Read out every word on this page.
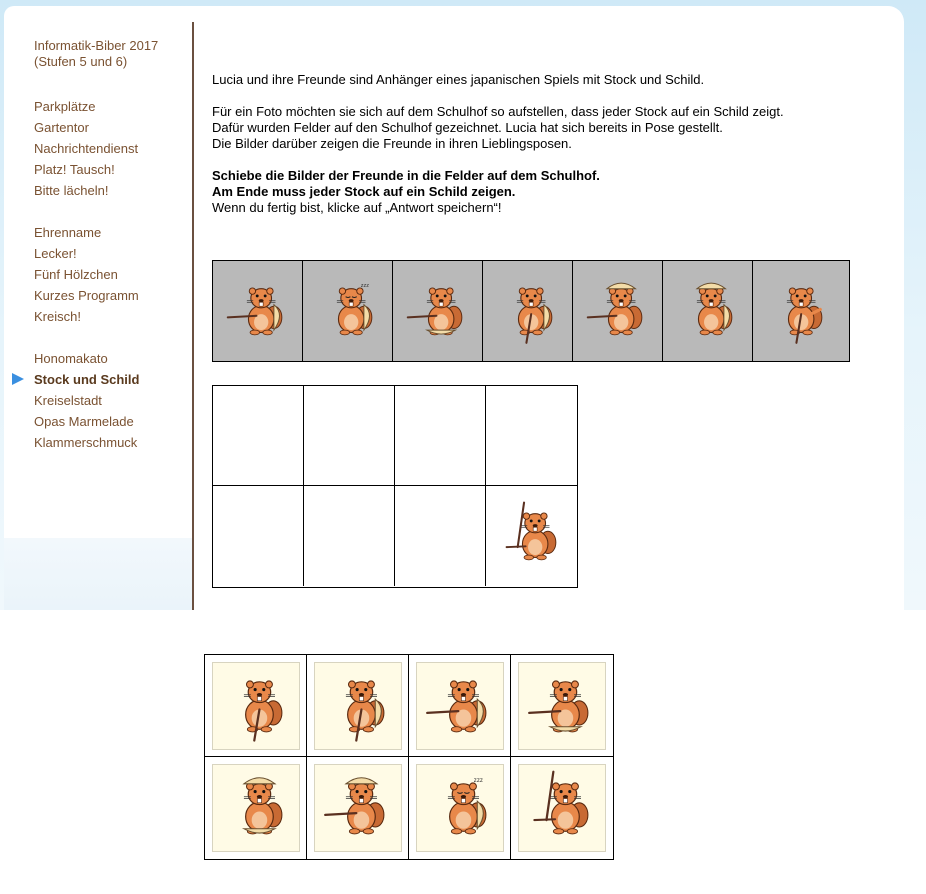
Informatik-Biber 2017
(Stufen 5 und 6)
Parkplätze
Gartentor
Nachrichtendienst
Platz! Tausch!
Bitte lächeln!
Ehrenname
Lecker!
Fünf Hölzchen
Kurzes Programm
Kreisch!
Honomakato
Stock und Schild
Kreiselstadt
Opas Marmelade
Klammerschmuck

Lucia und ihre Freunde sind Anhänger eines japanischen Spiels mit Stock und Schild.

Für ein Foto möchten sie sich auf dem Schulhof so aufstellen, dass jeder Stock auf ein Schild zeigt.
Dafür wurden Felder auf den Schulhof gezeichnet. Lucia hat sich bereits in Pose gestellt.
Die Bilder darüber zeigen die Freunde in ihren Lieblingsposen.

Schiebe die Bilder der Freunde in die Felder auf dem Schulhof.
Am Ende muss jeder Stock auf ein Schild zeigen.
Wenn du fertig bist, klicke auf „Antwort speichern“!

zzz
zzz
